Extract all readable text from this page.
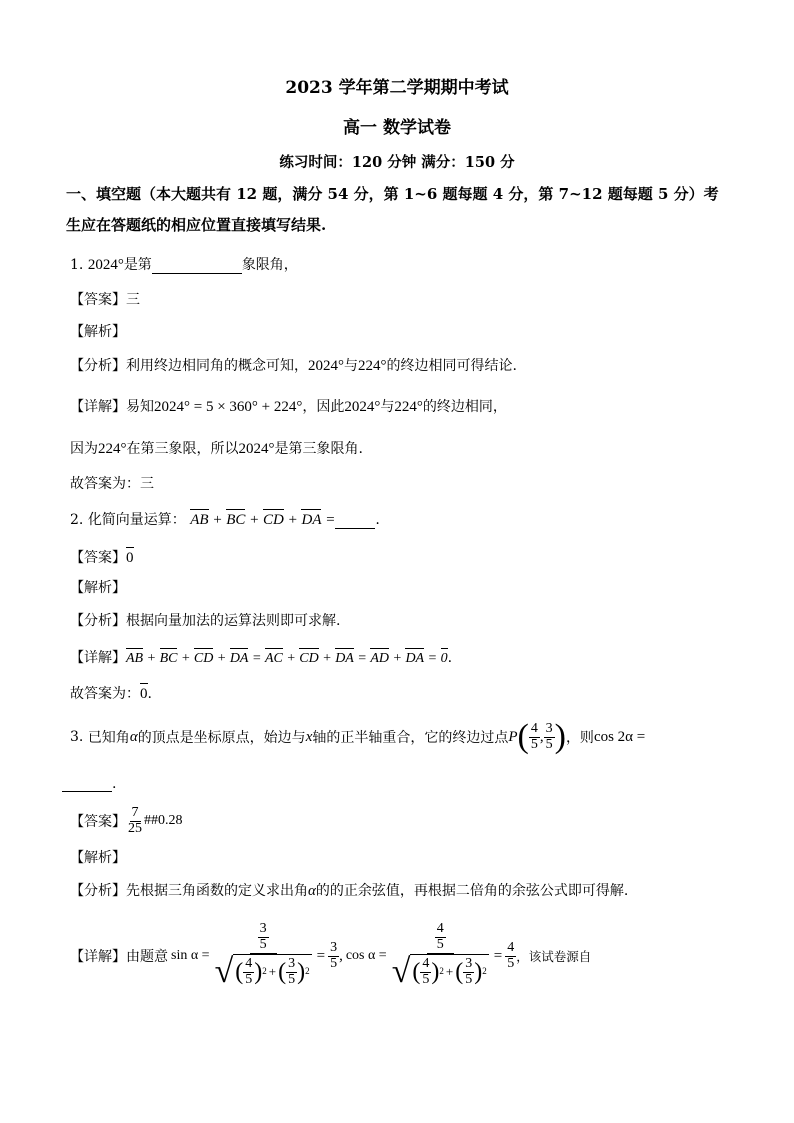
2023 学年第二学期期中考试
高一 数学试卷
练习时间：120 分钟 满分：150 分
一、填空题（本大题共有 12 题，满分 54 分，第 1~6 题每题 4 分，第 7~12 题每题 5 分）考
生应在答题纸的相应位置直接填写结果.
1. 2024°是第	象限角，
【答案】三
【解析】
【分析】利用终边相同角的概念可知，2024°与224°的终边相同可得结论.
【详解】易知2024° = 5 × 360° + 224°，因此2024°与224°的终边相同，
因为224°在第三象限，所以2024°是第三象限角.
故答案为：三
2. 化简向量运算： AB + BC + CD + DA =	.
【答案】0
【解析】
【分析】根据向量加法的运算法则即可求解.
【详解】AB + BC + CD + DA = AC + CD + DA = AD + DA = 0.
故答案为：0.
3.
已知角 α 的顶点是坐标原点，始边与 x 轴的正半轴重合，它的终边过点 P ( $\frac{4}{5}$ , $\frac{3}{5}$ ) ，则 cos 2α =
.
【答案】 $\frac{7}{25}$ ##0.28
【解析】
【分析】先根据三角函数的定义求出角α的的正余弦值，再根据二倍角的余弦公式即可得解.
【详解】 由题意 $\sin \alpha = \frac{\frac{3}{5}}{√ ( \frac{4}{5} ) 2 + ( \frac{3}{5} ) 2} = \frac{3}{5}$ , $\cos \alpha = \frac{\frac{4}{5}}{√ ( \frac{4}{5} ) 2 + ( \frac{3}{5} ) 2} = \frac{4}{5}$ ，该试卷源自
